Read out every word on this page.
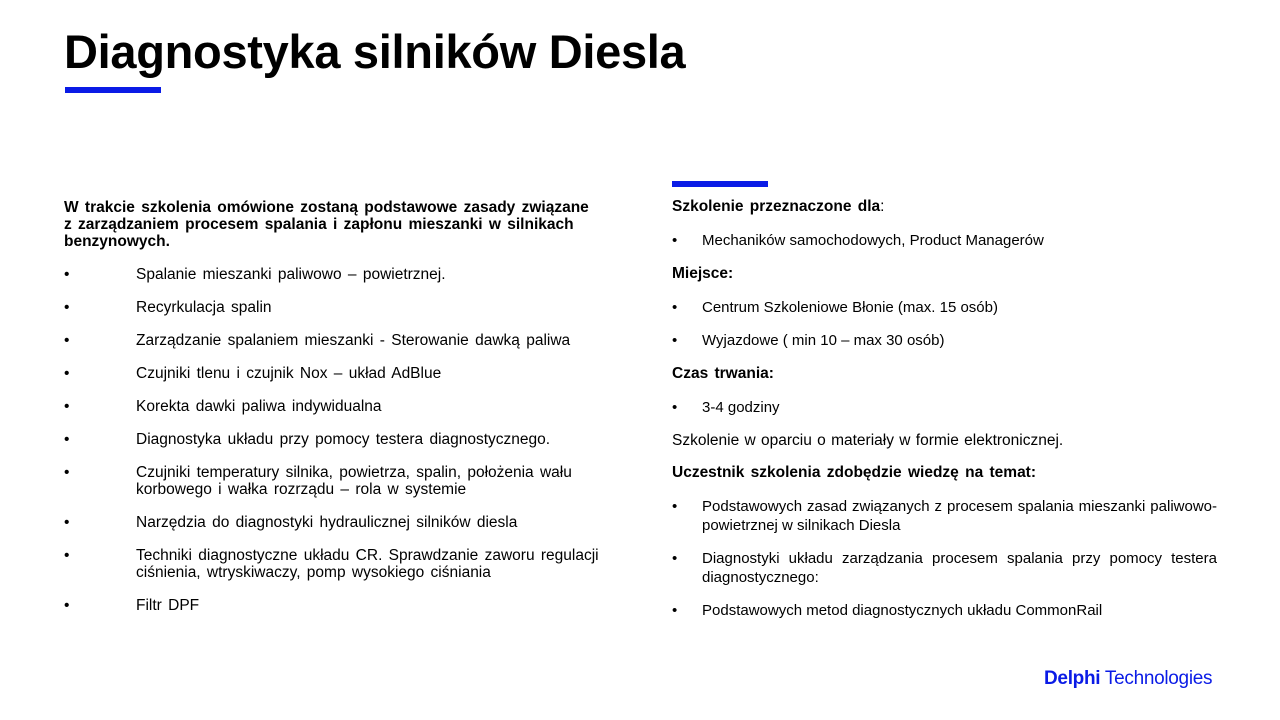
Diagnostyka silników Diesla
W trakcie szkolenia omówione zostaną podstawowe zasady związane z zarządzaniem procesem spalania i zapłonu mieszanki w silnikach benzynowych.
•	Spalanie mieszanki paliwowo – powietrznej.
•	Recyrkulacja spalin
•	Zarządzanie spalaniem mieszanki - Sterowanie dawką paliwa
•	Czujniki tlenu i czujnik Nox – układ AdBlue
•	Korekta dawki paliwa indywidualna
•	Diagnostyka układu przy pomocy testera diagnostycznego.
•	Czujniki temperatury silnika, powietrza, spalin, położenia wału korbowego i wałka rozrządu – rola w systemie
•	Narzędzia do diagnostyki hydraulicznej silników diesla
•	Techniki diagnostyczne układu CR. Sprawdzanie zaworu regulacji ciśnienia, wtryskiwaczy, pomp wysokiego ciśniania
•	Filtr DPF
Szkolenie przeznaczone dla:
•	Mechaników samochodowych, Product Managerów
Miejsce:
•	Centrum Szkoleniowe Błonie (max. 15 osób)
•	Wyjazdowe ( min 10 – max 30 osób)
Czas trwania:
•	3-4 godziny
Szkolenie w oparciu o materiały w formie elektronicznej.
Uczestnik szkolenia zdobędzie wiedzę na temat:
•	Podstawowych zasad związanych z procesem spalania mieszanki paliwowo-powietrznej w silnikach Diesla
•	Diagnostyki układu zarządzania procesem spalania przy pomocy testera diagnostycznego:
•	Podstawowych metod diagnostycznych układu CommonRail
Delphi Technologies
